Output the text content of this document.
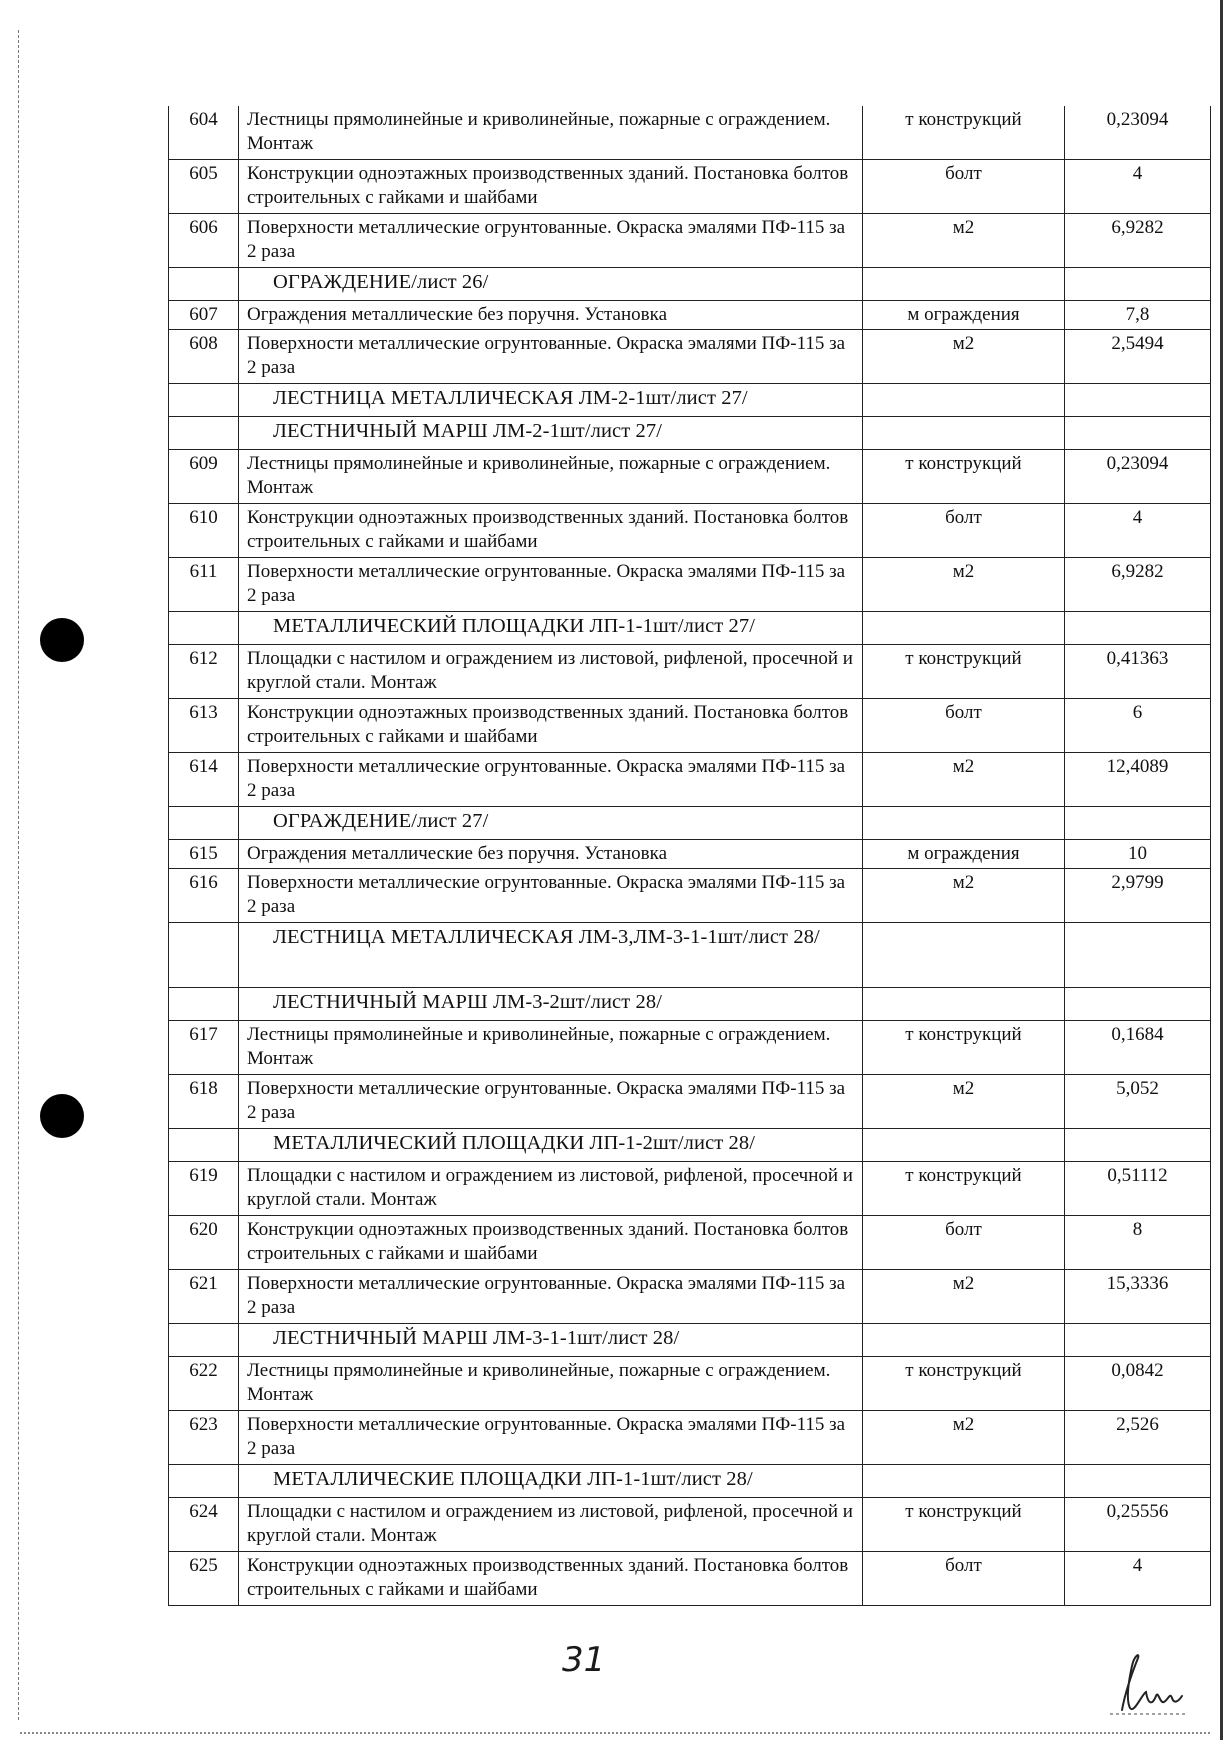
604	Лестницы прямолинейные и криволинейные, пожарные с ограждением. Монтаж	т конструкций	0,23094
605	Конструкции одноэтажных производственных зданий. Постановка болтов строительных с гайками и шайбами	болт	4
606	Поверхности металлические огрунтованные. Окраска эмалями ПФ-115 за 2 раза	м2	6,9282
	ОГРАЖДЕНИЕ/лист 26/		
607	Ограждения металлические без поручня. Установка	м ограждения	7,8
608	Поверхности металлические огрунтованные. Окраска эмалями ПФ-115 за 2 раза	м2	2,5494
	ЛЕСТНИЦА МЕТАЛЛИЧЕСКАЯ ЛМ-2-1шт/лист 27/		
	ЛЕСТНИЧНЫЙ МАРШ ЛМ-2-1шт/лист 27/		
609	Лестницы прямолинейные и криволинейные, пожарные с ограждением. Монтаж	т конструкций	0,23094
610	Конструкции одноэтажных производственных зданий. Постановка болтов строительных с гайками и шайбами	болт	4
611	Поверхности металлические огрунтованные. Окраска эмалями ПФ-115 за 2 раза	м2	6,9282
	МЕТАЛЛИЧЕСКИЙ ПЛОЩАДКИ ЛП-1-1шт/лист 27/		
612	Площадки с настилом и ограждением из листовой, рифленой, просечной и круглой стали. Монтаж	т конструкций	0,41363
613	Конструкции одноэтажных производственных зданий. Постановка болтов строительных с гайками и шайбами	болт	6
614	Поверхности металлические огрунтованные. Окраска эмалями ПФ-115 за 2 раза	м2	12,4089
	ОГРАЖДЕНИЕ/лист 27/		
615	Ограждения металлические без поручня. Установка	м ограждения	10
616	Поверхности металлические огрунтованные. Окраска эмалями ПФ-115 за 2 раза	м2	2,9799
	ЛЕСТНИЦА МЕТАЛЛИЧЕСКАЯ ЛМ-3,ЛМ-3-1-1шт/лист 28/		
	ЛЕСТНИЧНЫЙ МАРШ ЛМ-3-2шт/лист 28/		
617	Лестницы прямолинейные и криволинейные, пожарные с ограждением. Монтаж	т конструкций	0,1684
618	Поверхности металлические огрунтованные. Окраска эмалями ПФ-115 за 2 раза	м2	5,052
	МЕТАЛЛИЧЕСКИЙ ПЛОЩАДКИ ЛП-1-2шт/лист 28/		
619	Площадки с настилом и ограждением из листовой, рифленой, просечной и круглой стали. Монтаж	т конструкций	0,51112
620	Конструкции одноэтажных производственных зданий. Постановка болтов строительных с гайками и шайбами	болт	8
621	Поверхности металлические огрунтованные. Окраска эмалями ПФ-115 за 2 раза	м2	15,3336
	ЛЕСТНИЧНЫЙ МАРШ ЛМ-3-1-1шт/лист 28/		
622	Лестницы прямолинейные и криволинейные, пожарные с ограждением. Монтаж	т конструкций	0,0842
623	Поверхности металлические огрунтованные. Окраска эмалями ПФ-115 за 2 раза	м2	2,526
	МЕТАЛЛИЧЕСКИЕ ПЛОЩАДКИ ЛП-1-1шт/лист 28/		
624	Площадки с настилом и ограждением из листовой, рифленой, просечной и круглой стали. Монтаж	т конструкций	0,25556
625	Конструкции одноэтажных производственных зданий. Постановка болтов строительных с гайками и шайбами	болт	4
31
